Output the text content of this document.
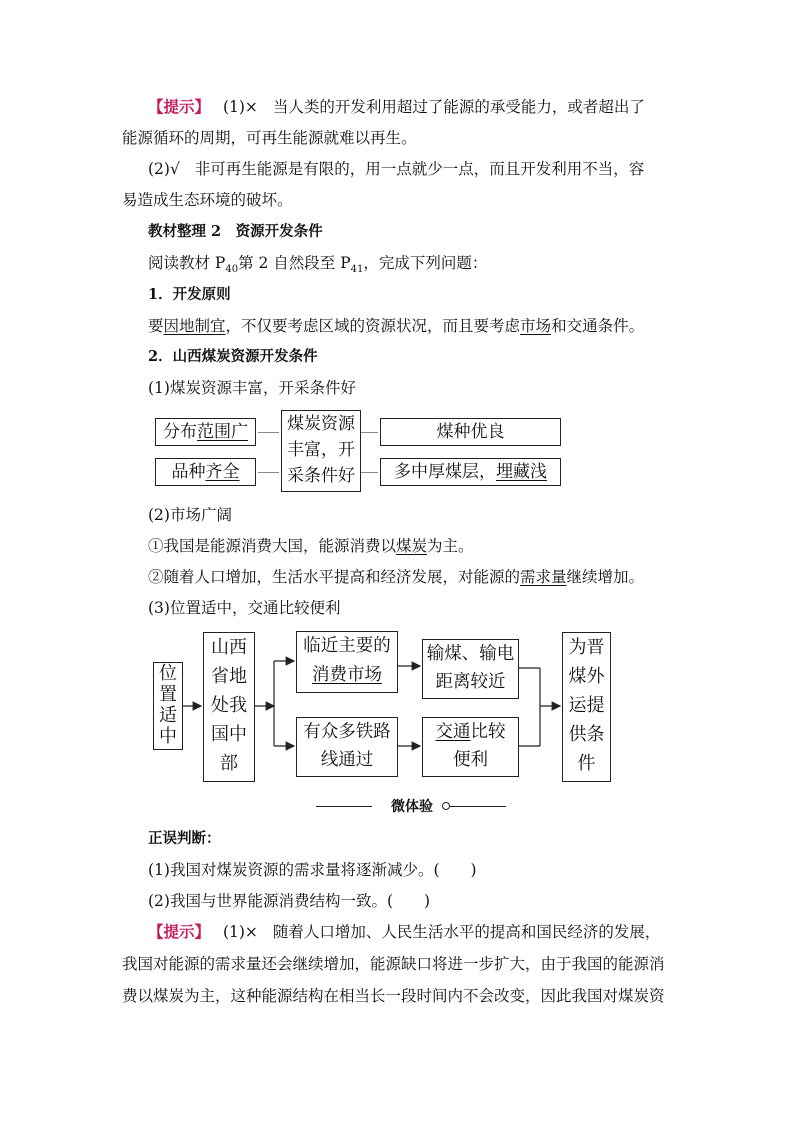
【提示】 (1)× 当人类的开发利用超过了能源的承受能力，或者超出了
能源循环的周期，可再生能源就难以再生。
(2)√ 非可再生能源是有限的，用一点就少一点，而且开发利用不当，容
易造成生态环境的破坏。
教材整理 2　资源开发条件
阅读教材 $P_{40}$第 2 自然段至 $P_{41}$，完成下列问题：
1．开发原则
要因地制宜，不仅要考虑区域的资源状况，而且要考虑市场和交通条件。
2．山西煤炭资源开发条件
(1)煤炭资源丰富，开采条件好
分布范围广
品种齐全
煤炭资源
丰富，开
采条件好
煤种优良
多中厚煤层，埋藏浅
(2)市场广阔
①我国是能源消费大国，能源消费以煤炭为主。
②随着人口增加，生活水平提高和经济发展，对能源的需求量继续增加。
(3)位置适中，交通比较便利
位
置
适
中
山西
省地
处我
国中
部
临近主要的
消费市场
有众多铁路
线通过
输煤、输电
距离较近
交通比较
便利
为晋
煤外
运提
供条
件
微体验
正误判断：
(1)我国对煤炭资源的需求量将逐渐减少。(　　)
(2)我国与世界能源消费结构一致。(　　)
【提示】 (1)× 随着人口增加、人民生活水平的提高和国民经济的发展，
我国对能源的需求量还会继续增加，能源缺口将进一步扩大，由于我国的能源消
费以煤炭为主，这种能源结构在相当长一段时间内不会改变，因此我国对煤炭资
